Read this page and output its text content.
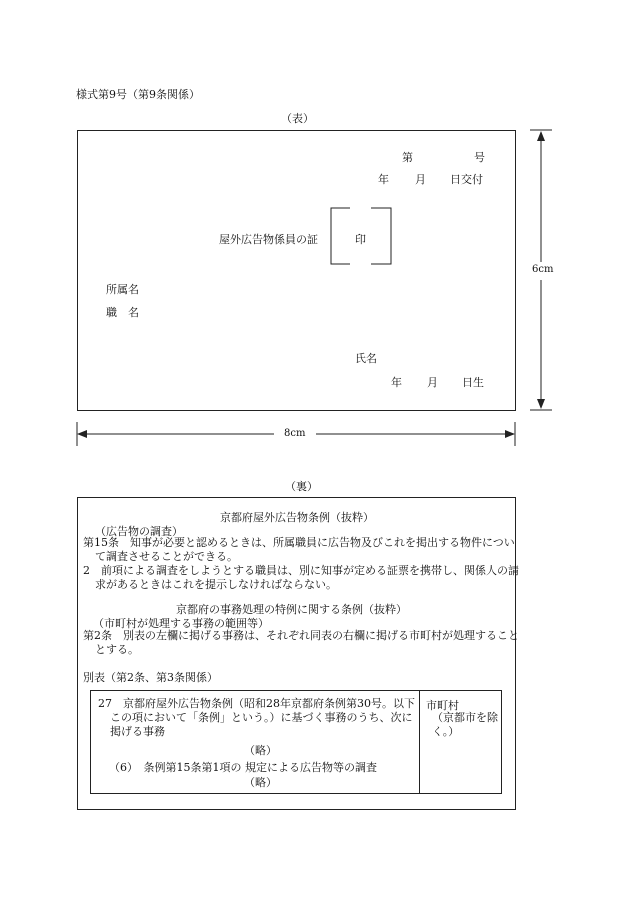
様式第9号（第9条関係）
（表）
第	号
年 月 日交付
屋外広告物係員の証	印
所属名
職　名
氏名
年 月 日生
6cm
8cm
（裏）
京都府屋外広告物条例（抜粋）
（広告物の調査）
第15条　知事が必要と認めるときは、所属職員に広告物及びこれを掲出する物件について調査させることができる。
2　前項による調査をしようとする職員は、別に知事が定める証票を携帯し、関係人の請求があるときはこれを提示しなければならない。
京都府の事務処理の特例に関する条例（抜粋）
（市町村が処理する事務の範囲等）
第2条　別表の左欄に掲げる事務は、それぞれ同表の右欄に掲げる市町村が処理することとする。
別表（第2条、第3条関係）
27　京都府屋外広告物条例（昭和28年京都府条例第30号。以下この項において「条例」という。）に基づく事務のうち、次に掲げる事務
（略）
（6）　条例第15条第1項の 規定による広告物等の調査
（略）
市町村
（京都市を除く。）
